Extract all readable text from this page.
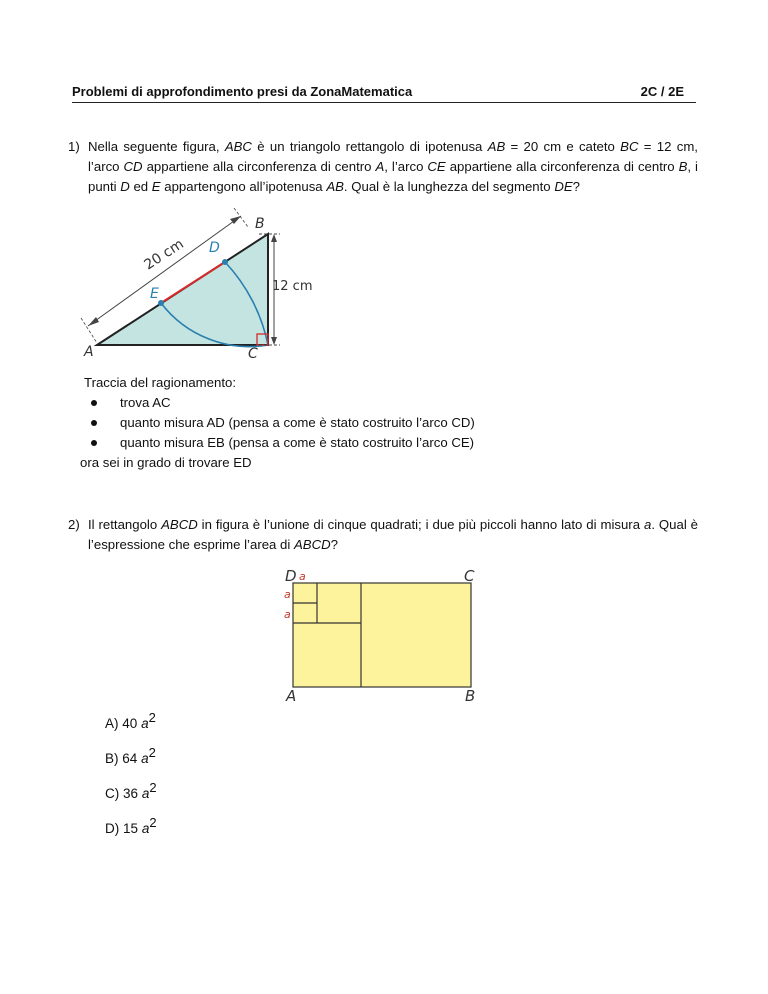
Problemi di approfondimento presi da ZonaMatematica	2C / 2E
1) Nella seguente figura, ABC è un triangolo rettangolo di ipotenusa AB = 20 cm e cateto BC = 12 cm, l’arco CD appartiene alla circonferenza di centro A, l’arco CE appartiene alla circonferenza di centro B, i punti D ed E appartengono all’ipotenusa AB. Qual è la lunghezza del segmento DE?
20 cm
12 cm
A
B
C
D
E
Traccia del ragionamento:
trova AC
quanto misura AD (pensa a come è stato costruito l’arco CD)
quanto misura EB (pensa a come è stato costruito l’arco CE)
ora sei in grado di trovare ED
2) Il rettangolo ABCD in figura è l’unione di cinque quadrati; i due più piccoli hanno lato di misura a. Qual è l’espressione che esprime l’area di ABCD?
D	C
A	B
a
a
a
A) 40 a2
B) 64 a2
C) 36 a2
D) 15 a2
